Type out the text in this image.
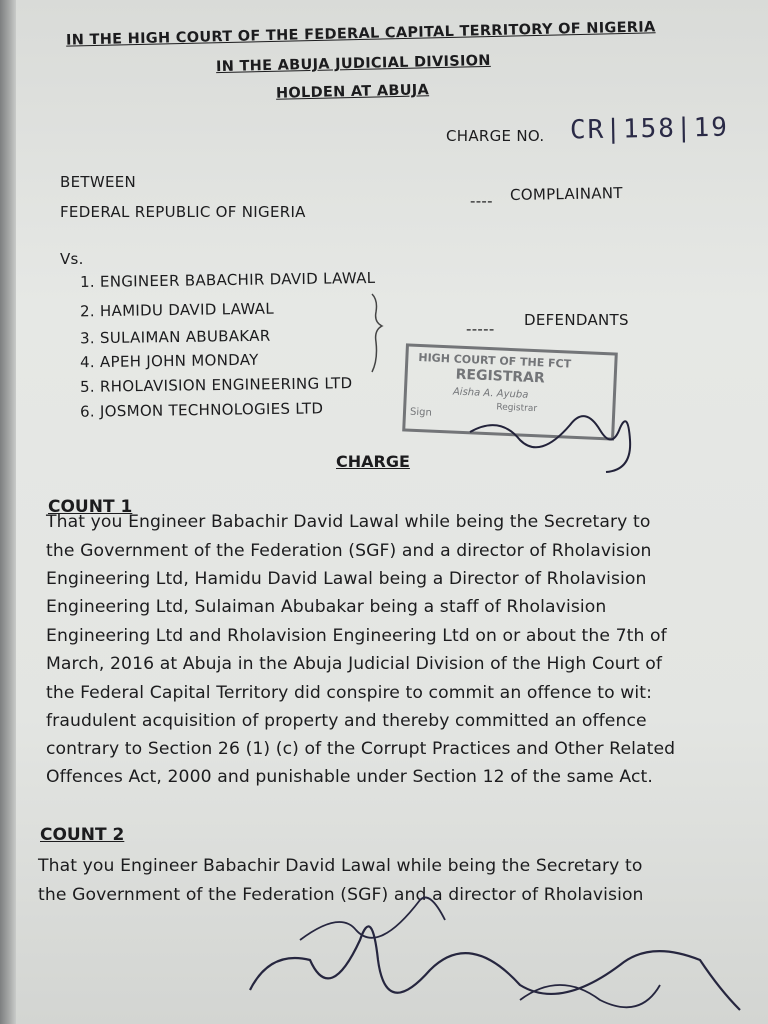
IN THE HIGH COURT OF THE FEDERAL CAPITAL TERRITORY OF NIGERIA
IN THE ABUJA JUDICIAL DIVISION
HOLDEN AT ABUJA
CHARGE NO. CR|158|19
BETWEEN
FEDERAL REPUBLIC OF NIGERIA
---- COMPLAINANT
Vs.
1. ENGINEER BABACHIR DAVID LAWAL
2. HAMIDU DAVID LAWAL
3. SULAIMAN ABUBAKAR
4. APEH JOHN MONDAY
5. RHOLAVISION ENGINEERING LTD
6. JOSMON TECHNOLOGIES LTD
----- DEFENDANTS
HIGH COURT OF THE FCT
REGISTRAR
Aisha A. Ayuba
Registrar
Sign
CHARGE
COUNT 1
That you Engineer Babachir David Lawal while being the Secretary to
the Government of the Federation (SGF) and a director of Rholavision
Engineering Ltd, Hamidu David Lawal being a Director of Rholavision
Engineering Ltd, Sulaiman Abubakar being a staff of Rholavision
Engineering Ltd and Rholavision Engineering Ltd on or about the 7th of
March, 2016 at Abuja in the Abuja Judicial Division of the High Court of
the Federal Capital Territory did conspire to commit an offence to wit:
fraudulent acquisition of property and thereby committed an offence
contrary to Section 26 (1) (c) of the Corrupt Practices and Other Related
Offences Act, 2000 and punishable under Section 12 of the same Act.
COUNT 2
That you Engineer Babachir David Lawal while being the Secretary to
the Government of the Federation (SGF) and a director of Rholavision
